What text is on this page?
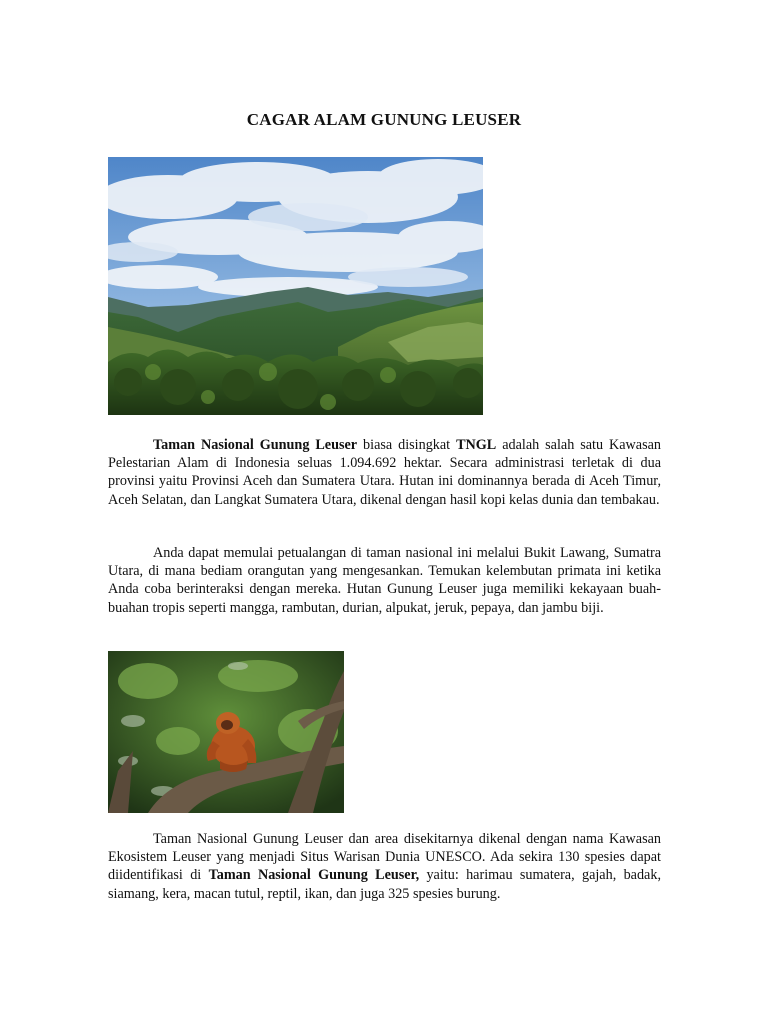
CAGAR ALAM GUNUNG LEUSER

Taman Nasional Gunung Leuser biasa disingkat TNGL adalah salah satu Kawasan Pelestarian Alam di Indonesia seluas 1.094.692 hektar. Secara administrasi terletak di dua provinsi yaitu Provinsi Aceh dan Sumatera Utara. Hutan ini dominannya berada di Aceh Timur, Aceh Selatan, dan Langkat Sumatera Utara, dikenal dengan hasil kopi kelas dunia dan tembakau.

Anda dapat memulai petualangan di taman nasional ini melalui Bukit Lawang, Sumatra Utara, di mana bediam orangutan yang mengesankan. Temukan kelembutan primata ini ketika Anda coba berinteraksi dengan mereka. Hutan Gunung Leuser juga memiliki kekayaan buah-buahan tropis seperti mangga, rambutan, durian, alpukat, jeruk, pepaya, dan jambu biji.

Taman Nasional Gunung Leuser dan area disekitarnya dikenal dengan nama Kawasan Ekosistem Leuser yang menjadi Situs Warisan Dunia UNESCO. Ada sekira 130 spesies dapat diidentifikasi di Taman Nasional Gunung Leuser, yaitu: harimau sumatera, gajah, badak, siamang, kera, macan tutul, reptil, ikan, dan juga 325 spesies burung.
